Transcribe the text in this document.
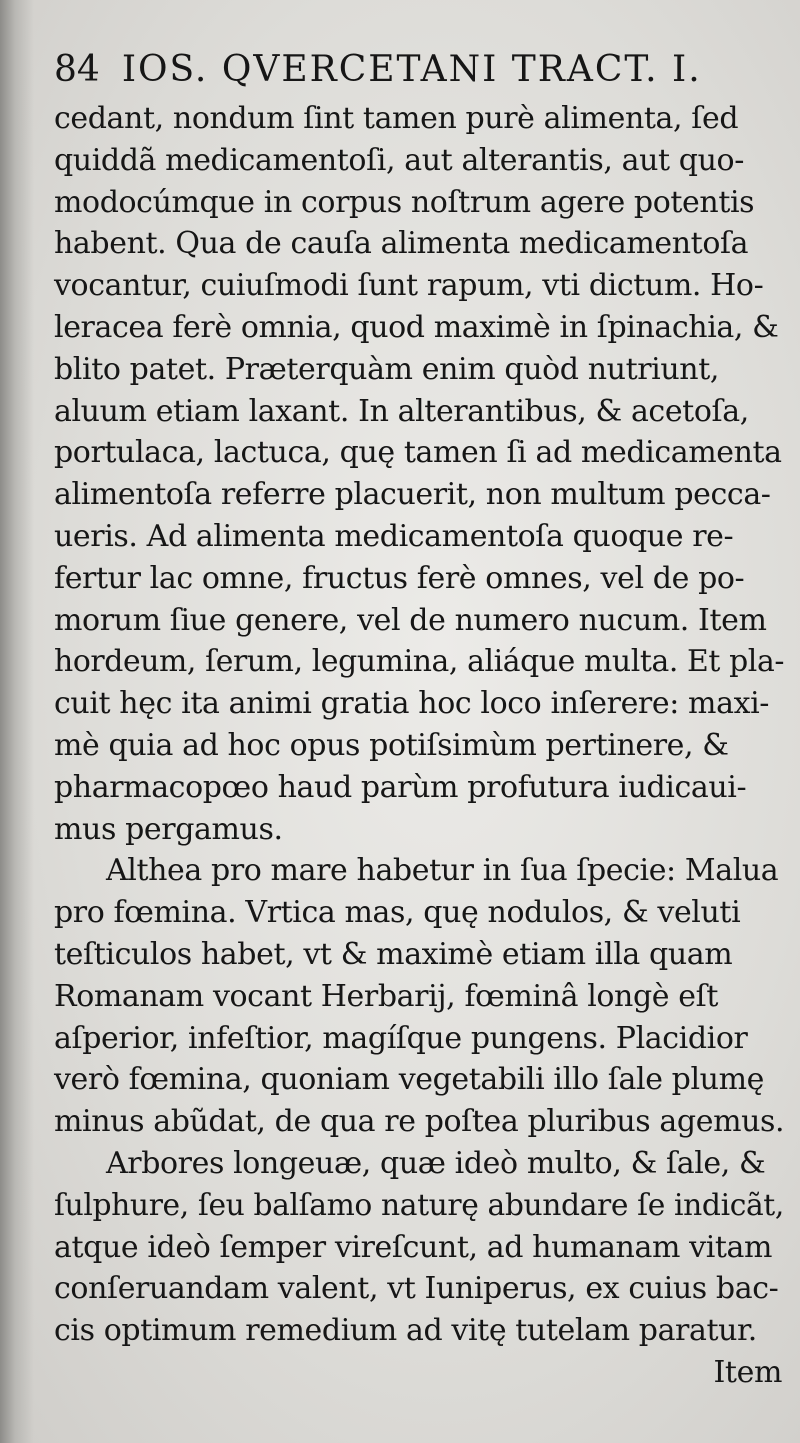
84 IOS. QVERCETANI TRACT. I.
cedant, nondum ſint tamen purè alimenta, ſed
quiddã medicamentoſi, aut alterantis, aut quo-
modocúmque in corpus noſtrum agere potentis
habent. Qua de cauſa alimenta medicamentoſa
vocantur, cuiuſmodi ſunt rapum, vti dictum. Ho-
leracea ferè omnia, quod maximè in ſpinachia, &
blito patet. Præterquàm enim quòd nutriunt,
aluum etiam laxant. In alterantibus, & acetoſa,
portulaca, lactuca, quę tamen ſi ad medicamenta
alimentoſa referre placuerit, non multum pecca-
ueris. Ad alimenta medicamentoſa quoque re-
fertur lac omne, fructus ferè omnes, vel de po-
morum ſiue genere, vel de numero nucum. Item
hordeum, ſerum, legumina, aliáque multa. Et pla-
cuit hęc ita animi gratia hoc loco inſerere: maxi-
mè quia ad hoc opus potiſsimùm pertinere, &
pharmacopœo haud parùm profutura iudicaui-
mus pergamus.
Althea pro mare habetur in ſua ſpecie: Malua
pro fœmina. Vrtica mas, quę nodulos, & veluti
teſticulos habet, vt & maximè etiam illa quam
Romanam vocant Herbarij, fœminâ longè eſt
aſperior, infeſtior, magíſque pungens. Placidior
verò fœmina, quoniam vegetabili illo ſale plumę
minus abũdat, de qua re poſtea pluribus agemus.
Arbores longeuæ, quæ ideò multo, & ſale, &
ſulphure, ſeu balſamo naturę abundare ſe indicãt,
atque ideò ſemper vireſcunt, ad humanam vitam
conſeruandam valent, vt Iuniperus, ex cuius bac-
cis optimum remedium ad vitę tutelam paratur.
Item
